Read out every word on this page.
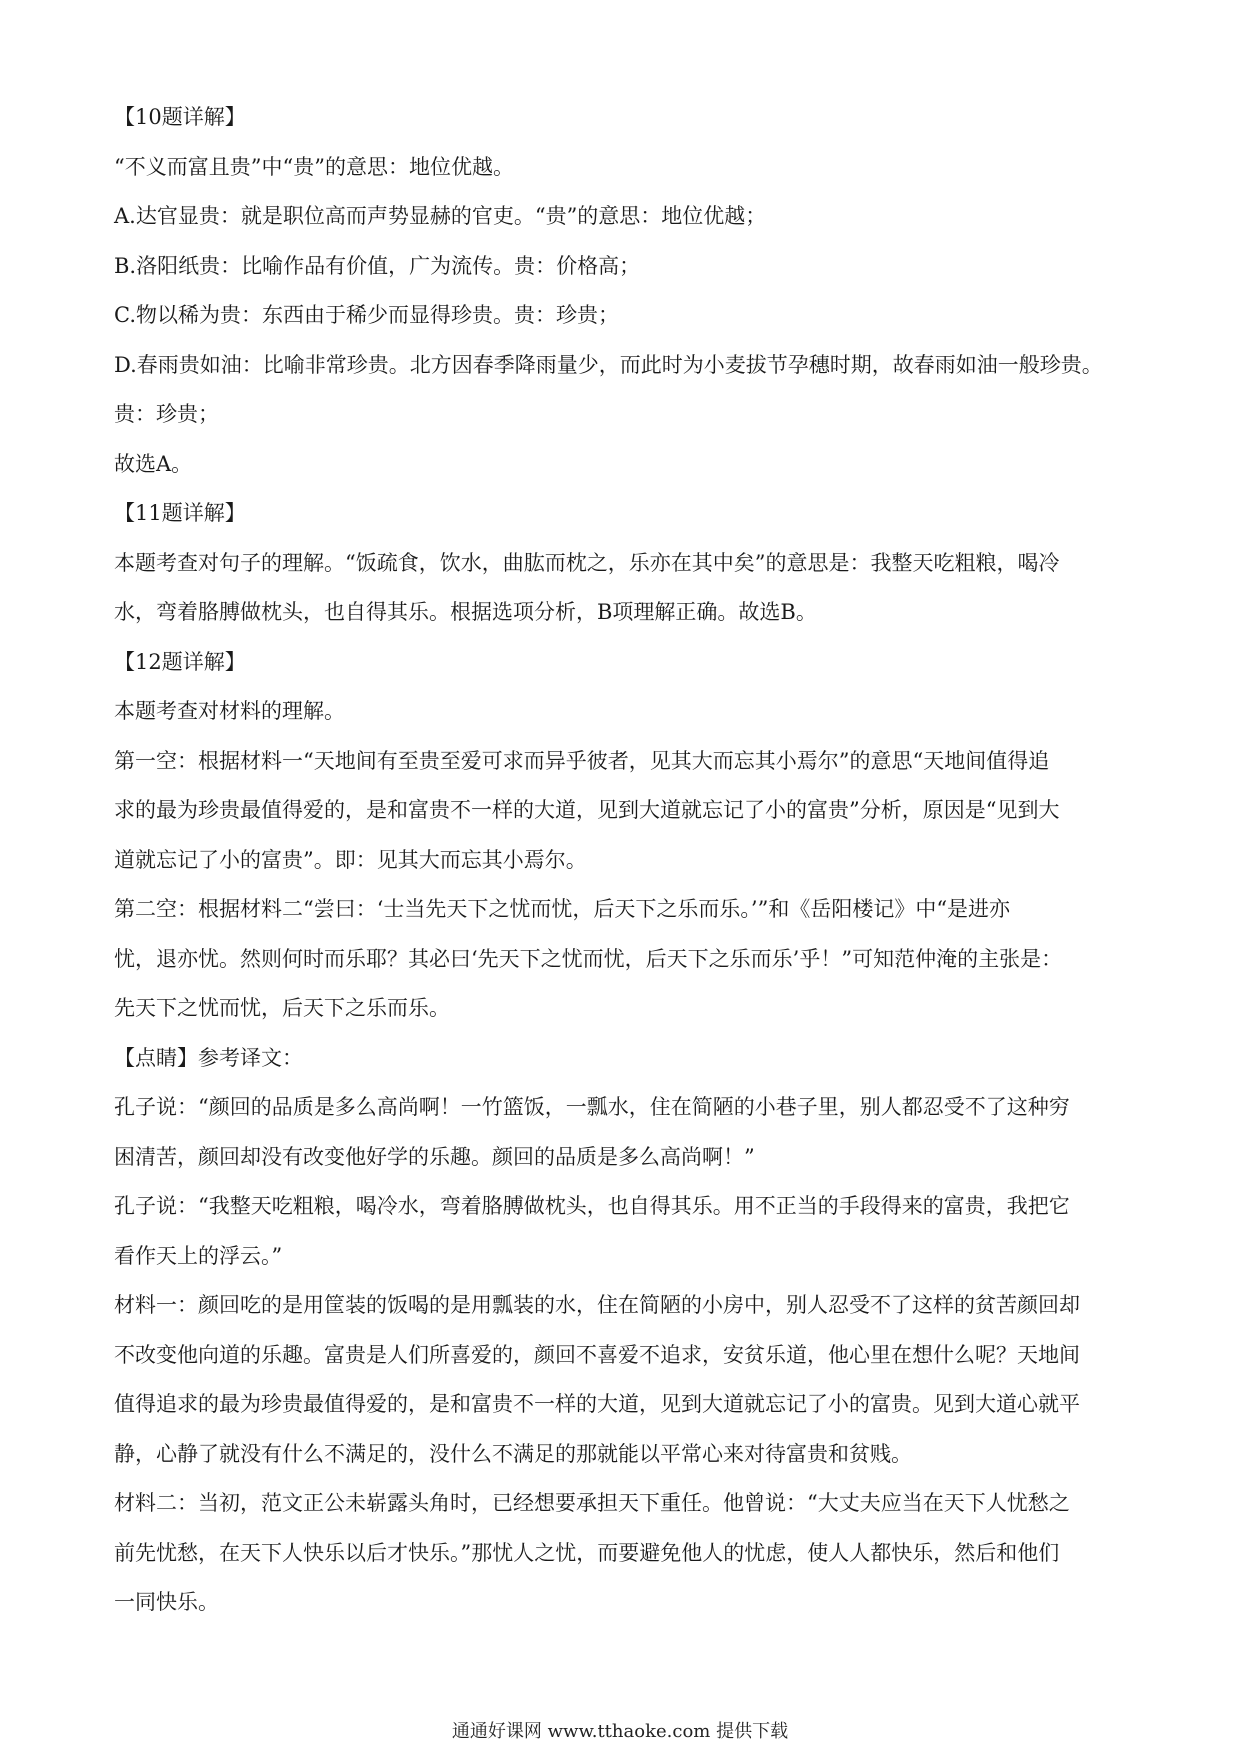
【10题详解】

“不义而富且贵”中“贵”的意思：地位优越。

A.达官显贵：就是职位高而声势显赫的官吏。“贵”的意思：地位优越；

B.洛阳纸贵：比喻作品有价值，广为流传。贵：价格高；

C.物以稀为贵：东西由于稀少而显得珍贵。贵：珍贵；

D.春雨贵如油：比喻非常珍贵。北方因春季降雨量少，而此时为小麦拔节孕穗时期，故春雨如油一般珍贵。

贵：珍贵；

故选A。

【11题详解】

本题考查对句子的理解。“饭疏食，饮水，曲肱而枕之，乐亦在其中矣”的意思是：我整天吃粗粮，喝冷

水，弯着胳膊做枕头，也自得其乐。根据选项分析，B项理解正确。故选B。

【12题详解】

本题考查对材料的理解。

第一空：根据材料一“天地间有至贵至爱可求而异乎彼者，见其大而忘其小焉尔”的意思“天地间值得追

求的最为珍贵最值得爱的，是和富贵不一样的大道，见到大道就忘记了小的富贵”分析，原因是“见到大

道就忘记了小的富贵”。即：见其大而忘其小焉尔。

第二空：根据材料二“尝曰：‘士当先天下之忧而忧，后天下之乐而乐。’”和《岳阳楼记》中“是进亦

忧，退亦忧。然则何时而乐耶？其必曰‘先天下之忧而忧，后天下之乐而乐’乎！”可知范仲淹的主张是：

先天下之忧而忧，后天下之乐而乐。

【点睛】参考译文：

孔子说：“颜回的品质是多么高尚啊！一竹篮饭，一瓢水，住在简陋的小巷子里，别人都忍受不了这种穷

困清苦，颜回却没有改变他好学的乐趣。颜回的品质是多么高尚啊！”

孔子说：“我整天吃粗粮，喝冷水，弯着胳膊做枕头，也自得其乐。用不正当的手段得来的富贵，我把它

看作天上的浮云。”

材料一：颜回吃的是用筐装的饭喝的是用瓢装的水，住在简陋的小房中，别人忍受不了这样的贫苦颜回却

不改变他向道的乐趣。富贵是人们所喜爱的，颜回不喜爱不追求，安贫乐道，他心里在想什么呢？天地间

值得追求的最为珍贵最值得爱的，是和富贵不一样的大道，见到大道就忘记了小的富贵。见到大道心就平

静，心静了就没有什么不满足的，没什么不满足的那就能以平常心来对待富贵和贫贱。

材料二：当初，范文正公未崭露头角时，已经想要承担天下重任。他曾说：“大丈夫应当在天下人忧愁之

前先忧愁，在天下人快乐以后才快乐。”那忧人之忧，而要避免他人的忧虑，使人人都快乐，然后和他们

一同快乐。

通通好课网 www.tthaoke.com 提供下载
